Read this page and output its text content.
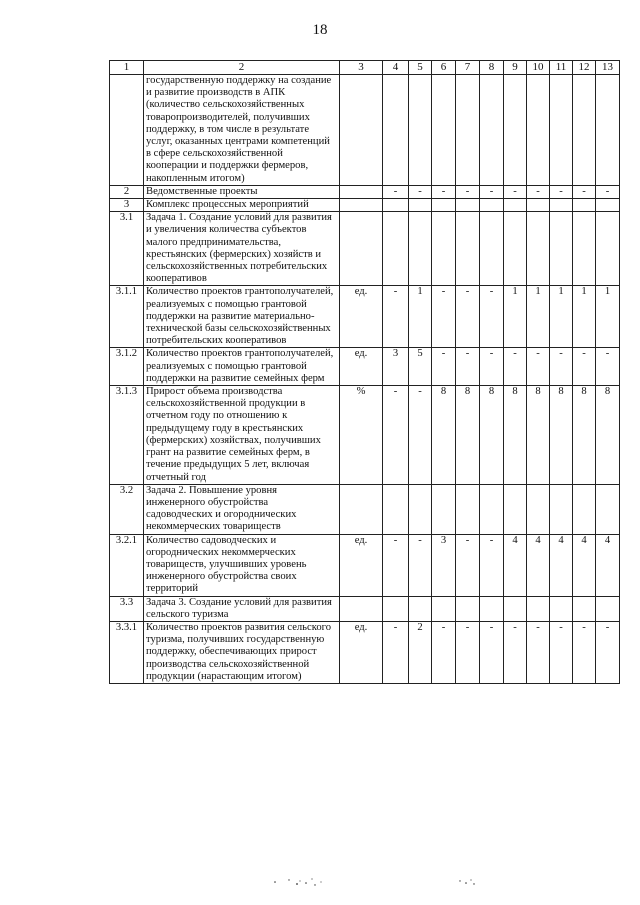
18
1	2	3	4	5	6	7	8	9	10	11	12	13
	государственную поддержку на создание и развитие производств в АПК (количество сельскохозяйственных товаропроизводителей, получивших поддержку, в том числе в результате услуг, оказанных центрами компетенций в сфере сельскохозяйственной кооперации и поддержки фермеров, накопленным итогом)											
2	Ведомственные проекты		-	-	-	-	-	-	-	-	-	-
3	Комплекс процессных мероприятий											
3.1	Задача 1. Создание условий для развития и увеличения количества субъектов малого предпринимательства, крестьянских (фермерских) хозяйств и сельскохозяйственных потребительских кооперативов											
3.1.1	Количество проектов грантополучателей, реализуемых с помощью грантовой поддержки на развитие материально-технической базы сельскохозяйственных потребительских кооперативов	ед.	-	1	-	-	-	1	1	1	1	1
3.1.2	Количество проектов грантополучателей, реализуемых с помощью грантовой поддержки на развитие семейных ферм	ед.	3	5	-	-	-	-	-	-	-	-
3.1.3	Прирост объема производства сельскохозяйственной продукции в отчетном году по отношению к предыдущему году в крестьянских (фермерских) хозяйствах, получивших грант на развитие семейных ферм, в течение предыдущих 5 лет, включая отчетный год	%	-	-	8	8	8	8	8	8	8	8
3.2	Задача 2. Повышение уровня инженерного обустройства садоводческих и огороднических некоммерческих товариществ											
3.2.1	Количество садоводческих и огороднических некоммерческих товариществ, улучшивших уровень инженерного обустройства своих территорий	ед.	-	-	3	-	-	4	4	4	4	4
3.3	Задача 3. Создание условий для развития сельского туризма											
3.3.1	Количество проектов развития сельского туризма, получивших государственную поддержку, обеспечивающих прирост производства сельскохозяйственной продукции (нарастающим итогом)	ед.	-	2	-	-	-	-	-	-	-	-
